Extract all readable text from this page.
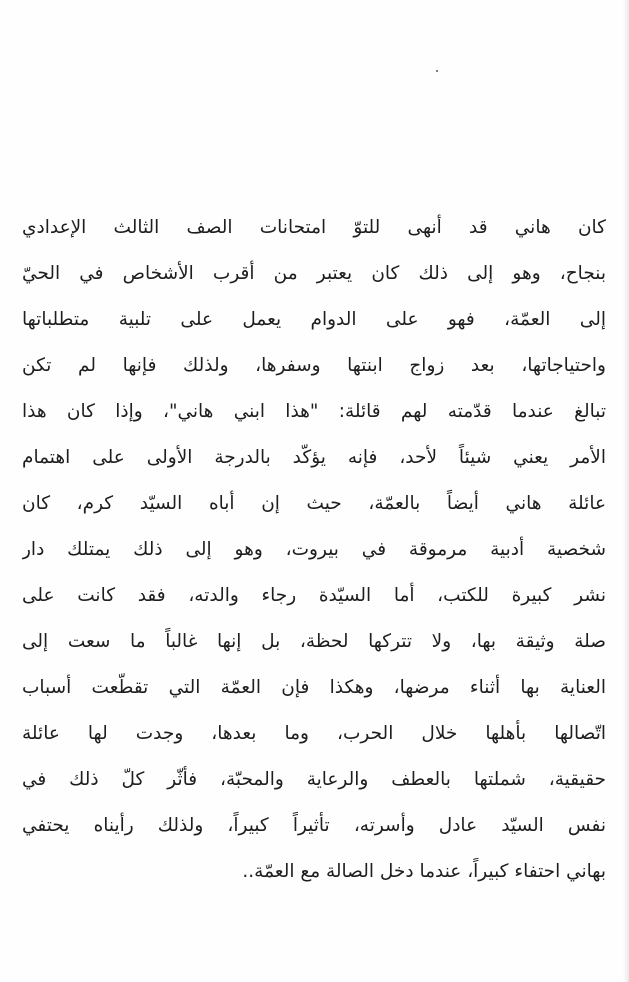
كان هاني قد أنهى للتوّ امتحانات الصف الثالث الإعدادي
بنجاح، وهو إلى ذلك كان يعتبر من أقرب الأشخاص في الحيّ
إلى العمّة، فهو على الدوام يعمل على تلبية متطلباتها
واحتياجاتها، بعد زواج ابنتها وسفرها، ولذلك فإنها لم تكن
تبالغ عندما قدّمته لهم قائلة: "هذا ابني هاني"، وإذا كان هذا
الأمر يعني شيئاً لأحد، فإنه يؤكّد بالدرجة الأولى على اهتمام
عائلة هاني أيضاً بالعمّة، حيث إن أباه السيّد كرم، كان
شخصية أدبية مرموقة في بيروت، وهو إلى ذلك يمتلك دار
نشر كبيرة للكتب، أما السيّدة رجاء والدته، فقد كانت على
صلة وثيقة بها، ولا تتركها لحظة، بل إنها غالباً ما سعت إلى
العناية بها أثناء مرضها، وهكذا فإن العمّة التي تقطّعت أسباب
اتّصالها بأهلها خلال الحرب، وما بعدها، وجدت لها عائلة
حقيقية، شملتها بالعطف والرعاية والمحبّة، فأثّر كلّ ذلك في
نفس السيّد عادل وأسرته، تأثيراً كبيراً، ولذلك رأيناه يحتفي
بهاني احتفاء كبيراً، عندما دخل الصالة مع العمّة..
